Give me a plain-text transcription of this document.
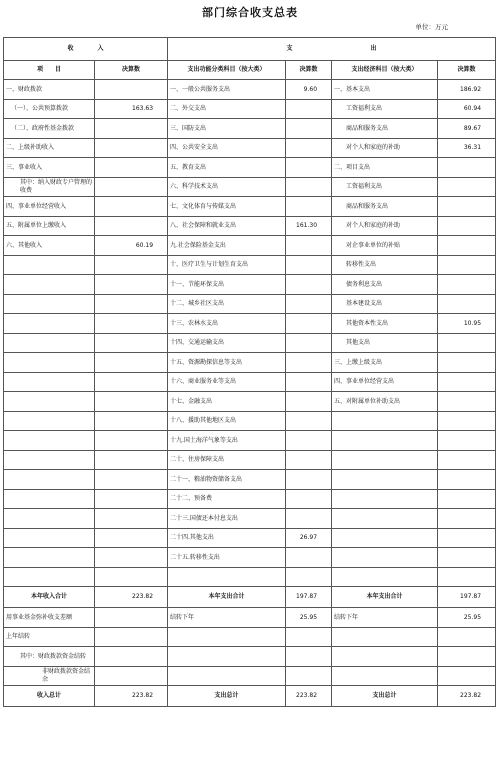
部门综合收支总表
单位：万元
收　　　　入		支　　　　　　　　　　　　　出			
项　　目	决算数	支出功能分类科目（按大类）	决算数	支出经济科目（按大类）	决算数
一、财政拨款		一、一般公共服务支出	9.60	一、基本支出	186.92
（一）、公共预算拨款	163.63	二、外交支出		工资福利支出	60.94
（二）、政府性基金拨款		三、国防支出		商品和服务支出	89.67
二、上级补助收入		四、公共安全支出		对个人和家庭的补助	36.31
三、事业收入		五、教育支出		二、项目支出	
其中：纳入财政专户管理的收费		六、科学技术支出		工资福利支出	
四、事业单位经营收入		七、文化体育与传媒支出		商品和服务支出	
五、附属单位上缴收入		八、社会保障和就业支出	161.30	对个人和家庭的补助	
六、其他收入	60.19	九.社会保险基金支出		对企事业单位的补贴	
		十、医疗卫生与计划生育支出		转移性支出	
		十一、节能环保支出		债务利息支出	
		十二、城乡社区支出		基本建设支出	
		十三、农林水支出		其他资本性支出	10.95
		十四、交通运输支出		其他支出	
		十五、资源勘探信息等支出		三、上缴上级支出	
		十六、商业服务业等支出		四、事业单位经营支出	
		十七、金融支出		五、对附属单位补助支出	
		十八、援助其他地区支出			
		十九.国土海洋气象等支出			
		二十、住房保障支出			
		二十一、粮油物资储备支出			
		二十二、预备费			
		二十三.国债还本付息支出			
		二十四.其他支出	26.97		
		二十五.转移性支出			

本年收入合计	223.82	本年支出合计	197.87	本年支出合计	197.87
用事业基金弥补收支差额		结转下年	25.95	结转下年	25.95
上年结转					
其中：财政拨款资金结转					
非财政拨款资金结余					
收入总计	223.82	支出总计	223.82	支出总计	223.82
